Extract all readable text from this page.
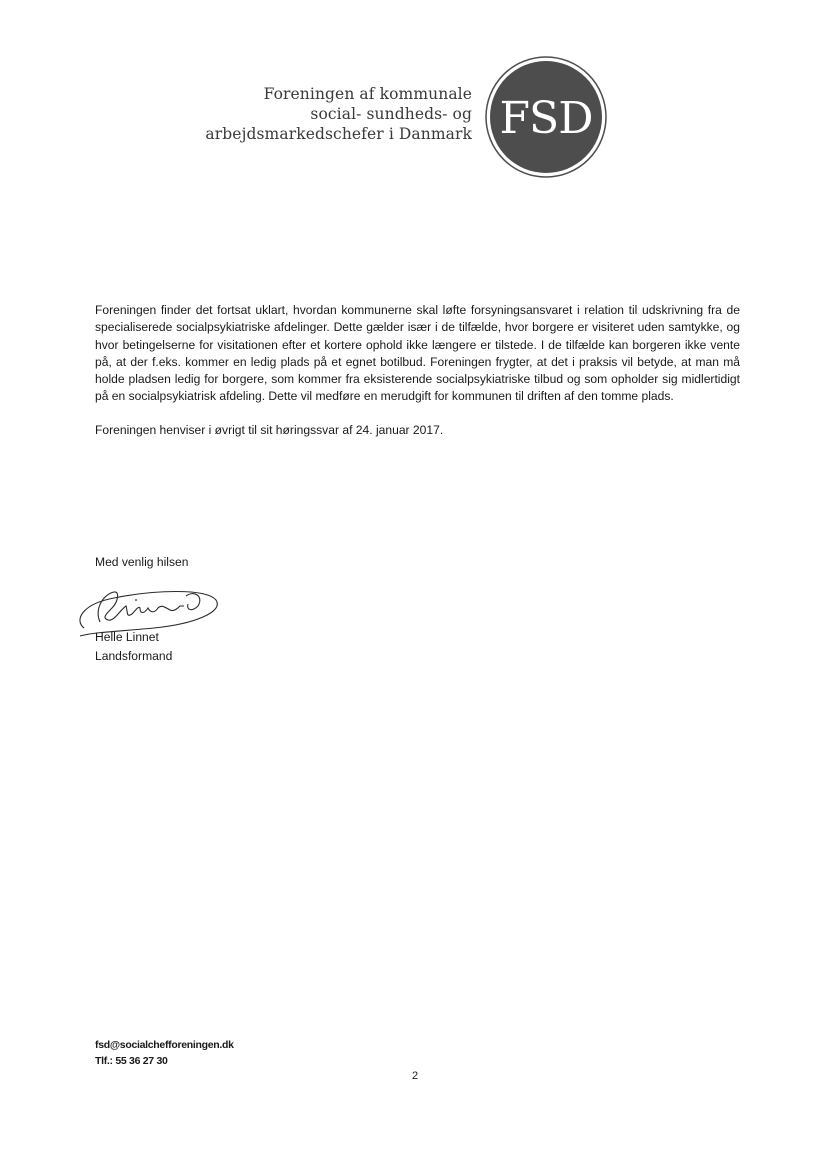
Foreningen af kommunale
social- sundheds- og
arbejdsmarkedschefer i Danmark FSD

Foreningen finder det fortsat uklart, hvordan kommunerne skal løfte forsyningsansvaret i relation til udskrivning fra de specialiserede socialpsykiatriske afdelinger. Dette gælder især i de tilfælde, hvor borgere er visiteret uden samtykke, og hvor betingelserne for visitationen efter et kortere ophold ikke længere er tilstede. I de tilfælde kan borgeren ikke vente på, at der f.eks. kommer en ledig plads på et egnet botilbud. Foreningen frygter, at det i praksis vil betyde, at man må holde pladsen ledig for borgere, som kommer fra eksisterende socialpsykiatriske tilbud og som opholder sig midlertidigt på en socialpsykiatrisk afdeling. Dette vil medføre en merudgift for kommunen til driften af den tomme plads.

Foreningen henviser i øvrigt til sit høringssvar af 24. januar 2017.

Med venlig hilsen
Helle Linnet
Landsformand
fsd@socialchefforeningen.dk
Tlf.: 55 36 27 30
2
